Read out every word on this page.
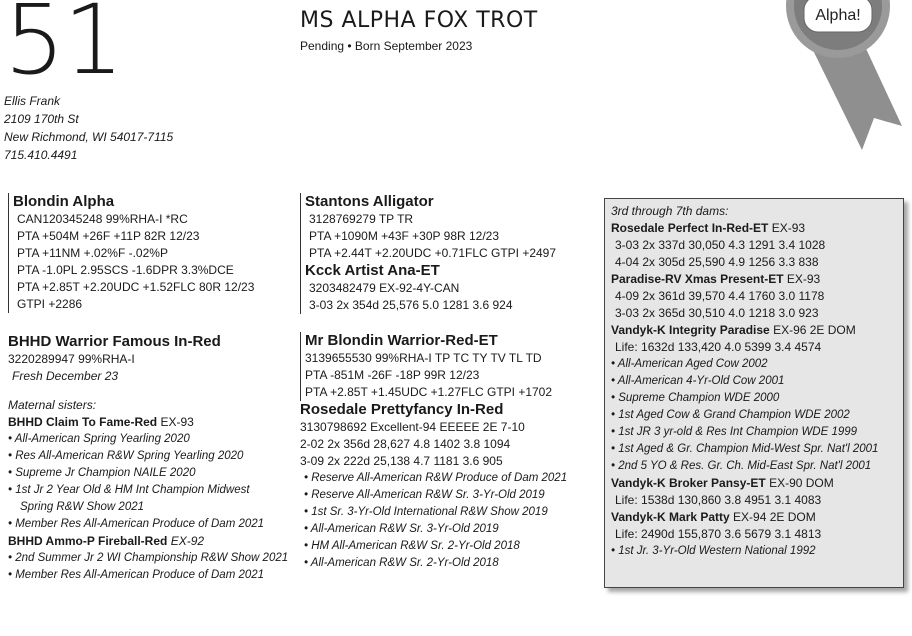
51
Ellis Frank
2109 170th St
New Richmond, WI 54017-7115
715.410.4491
MS ALPHA FOX TROT
Pending • Born September 2023
Alpha!
Blondin Alpha
CAN120345248 99%RHA-I *RC
PTA +504M +26F +11P 82R 12/23
PTA +11NM +.02%F -.02%P
PTA -1.0PL 2.95SCS -1.6DPR 3.3%DCE
PTA +2.85T +2.20UDC +1.52FLC 80R 12/23
GTPI +2286
BHHD Warrior Famous In-Red
3220289947 99%RHA-I
Fresh December 23
Maternal sisters:
BHHD Claim To Fame-Red EX-93
• All-American Spring Yearling 2020
• Res All-American R&W Spring Yearling 2020
• Supreme Jr Champion NAILE 2020
• 1st Jr 2 Year Old & HM Int Champion Midwest
Spring R&W Show 2021
• Member Res All-American Produce of Dam 2021
BHHD Ammo-P Fireball-Red EX-92
• 2nd Summer Jr 2 WI Championship R&W Show 2021
• Member Res All-American Produce of Dam 2021
Stantons Alligator
3128769279 TP TR
PTA +1090M +43F +30P 98R 12/23
PTA +2.44T +2.20UDC +0.71FLC GTPI +2497
Kcck Artist Ana-ET
3203482479 EX-92-4Y-CAN
3-03 2x 354d 25,576 5.0 1281 3.6 924
Mr Blondin Warrior-Red-ET
3139655530 99%RHA-I TP TC TY TV TL TD
PTA -851M -26F -18P 99R 12/23
PTA +2.85T +1.45UDC +1.27FLC GTPI +1702
Rosedale Prettyfancy In-Red
3130798692 Excellent-94 EEEEE 2E 7-10
2-02 2x 356d 28,627 4.8 1402 3.8 1094
3-09 2x 222d 25,138 4.7 1181 3.6 905
• Reserve All-American R&W Produce of Dam 2021
• Reserve All-American R&W Sr. 3-Yr-Old 2019
• 1st Sr. 3-Yr-Old International R&W Show 2019
• All-American R&W Sr. 3-Yr-Old 2019
• HM All-American R&W Sr. 2-Yr-Old 2018
• All-American R&W Sr. 2-Yr-Old 2018
3rd through 7th dams:
Rosedale Perfect In-Red-ET EX-93
3-03 2x 337d 30,050 4.3 1291 3.4 1028
4-04 2x 305d 25,590 4.9 1256 3.3 838
Paradise-RV Xmas Present-ET EX-93
4-09 2x 361d 39,570 4.4 1760 3.0 1178
3-03 2x 365d 30,510 4.0 1218 3.0 923
Vandyk-K Integrity Paradise EX-96 2E DOM
Life: 1632d 133,420 4.0 5399 3.4 4574
• All-American Aged Cow 2002
• All-American 4-Yr-Old Cow 2001
• Supreme Champion WDE 2000
• 1st Aged Cow & Grand Champion WDE 2002
• 1st JR 3 yr-old & Res Int Champion WDE 1999
• 1st Aged & Gr. Champion Mid-West Spr. Nat'l 2001
• 2nd 5 YO & Res. Gr. Ch. Mid-East Spr. Nat'l 2001
Vandyk-K Broker Pansy-ET EX-90 DOM
Life: 1538d 130,860 3.8 4951 3.1 4083
Vandyk-K Mark Patty EX-94 2E DOM
Life: 2490d 155,870 3.6 5679 3.1 4813
• 1st Jr. 3-Yr-Old Western National 1992
